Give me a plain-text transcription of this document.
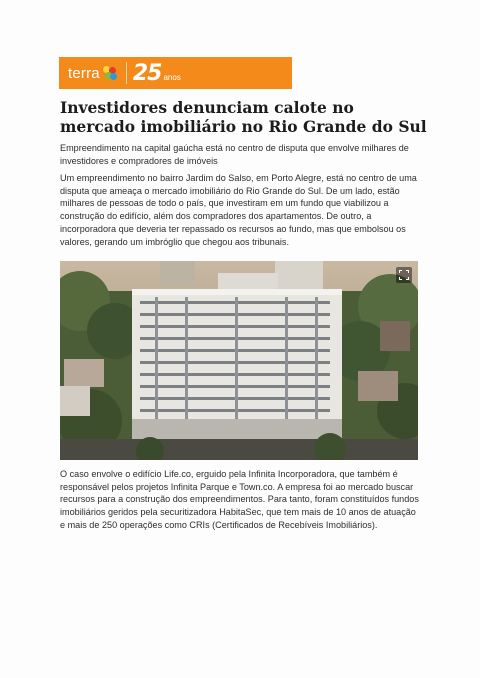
terra 25 anos
Investidores denunciam calote no mercado imobiliário no Rio Grande do Sul

Empreendimento na capital gaúcha está no centro de disputa que envolve milhares de investidores e compradores de imóveis

Um empreendimento no bairro Jardim do Salso, em Porto Alegre, está no centro de uma disputa que ameaça o mercado imobiliário do Rio Grande do Sul. De um lado, estão milhares de pessoas de todo o país, que investiram em um fundo que viabilizou a construção do edifício, além dos compradores dos apartamentos. De outro, a incorporadora que deveria ter repassado os recursos ao fundo, mas que embolsou os valores, gerando um imbróglio que chegou aos tribunais.

O caso envolve o edifício Life.co, erguido pela Infinita Incorporadora, que também é responsável pelos projetos Infinita Parque e Town.co. A empresa foi ao mercado buscar recursos para a construção dos empreendimentos. Para tanto, foram constituídos fundos imobiliários geridos pela securitizadora HabitaSec, que tem mais de 10 anos de atuação e mais de 250 operações como CRIs (Certificados de Recebíveis Imobiliários).
